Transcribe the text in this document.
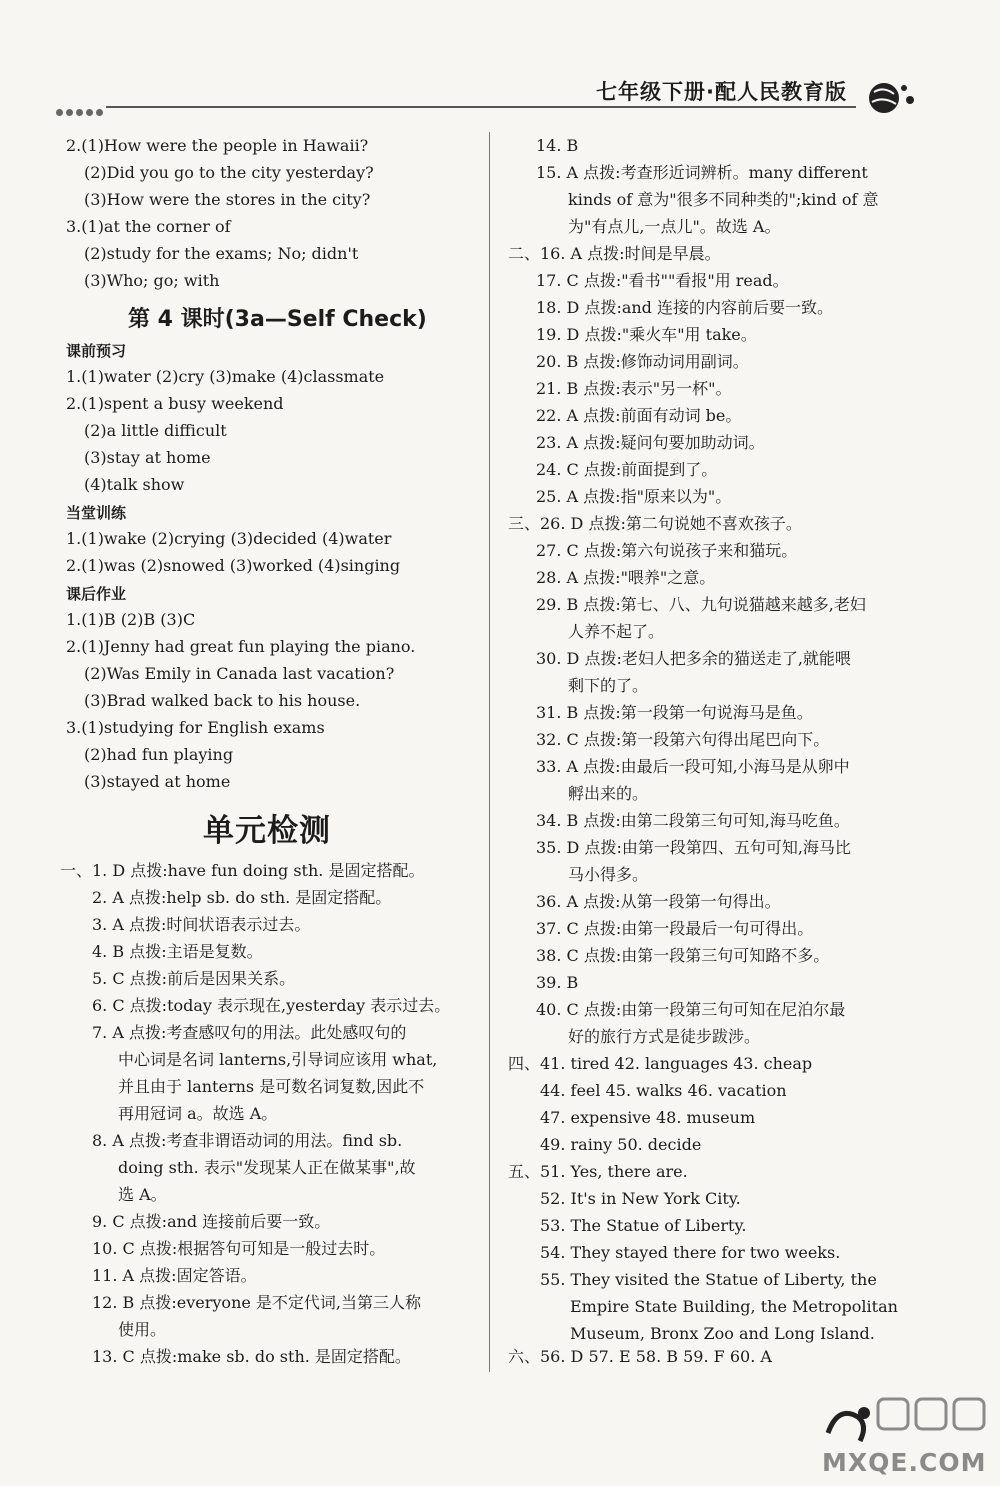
七年级下册·配人民教育版
2.(1)How were the people in Hawaii?
(2)Did you go to the city yesterday?
(3)How were the stores in the city?
3.(1)at the corner of
(2)study for the exams; No; didn't
(3)Who; go; with
第 4 课时(3a—Self Check)
课前预习
1.(1)water (2)cry (3)make (4)classmate
2.(1)spent a busy weekend
(2)a little difficult
(3)stay at home
(4)talk show
当堂训练
1.(1)wake (2)crying (3)decided (4)water
2.(1)was (2)snowed (3)worked (4)singing
课后作业
1.(1)B (2)B (3)C
2.(1)Jenny had great fun playing the piano.
(2)Was Emily in Canada last vacation?
(3)Brad walked back to his house.
3.(1)studying for English exams
(2)had fun playing
(3)stayed at home
单元检测
一、1. D 点拨:have fun doing sth. 是固定搭配。
2. A 点拨:help sb. do sth. 是固定搭配。
3. A 点拨:时间状语表示过去。
4. B 点拨:主语是复数。
5. C 点拨:前后是因果关系。
6. C 点拨:today 表示现在,yesterday 表示过去。
7. A 点拨:考查感叹句的用法。此处感叹句的
中心词是名词 lanterns,引导词应该用 what,
并且由于 lanterns 是可数名词复数,因此不
再用冠词 a。故选 A。
8. A 点拨:考查非谓语动词的用法。find sb.
doing sth. 表示"发现某人正在做某事",故
选 A。
9. C 点拨:and 连接前后要一致。
10. C 点拨:根据答句可知是一般过去时。
11. A 点拨:固定答语。
12. B 点拨:everyone 是不定代词,当第三人称
使用。
13. C 点拨:make sb. do sth. 是固定搭配。
14. B
15. A 点拨:考查形近词辨析。many different
kinds of 意为"很多不同种类的";kind of 意
为"有点儿,一点儿"。故选 A。
二、16. A 点拨:时间是早晨。
17. C 点拨:"看书""看报"用 read。
18. D 点拨:and 连接的内容前后要一致。
19. D 点拨:"乘火车"用 take。
20. B 点拨:修饰动词用副词。
21. B 点拨:表示"另一杯"。
22. A 点拨:前面有动词 be。
23. A 点拨:疑问句要加助动词。
24. C 点拨:前面提到了。
25. A 点拨:指"原来以为"。
三、26. D 点拨:第二句说她不喜欢孩子。
27. C 点拨:第六句说孩子来和猫玩。
28. A 点拨:"喂养"之意。
29. B 点拨:第七、八、九句说猫越来越多,老妇
人养不起了。
30. D 点拨:老妇人把多余的猫送走了,就能喂
剩下的了。
31. B 点拨:第一段第一句说海马是鱼。
32. C 点拨:第一段第六句得出尾巴向下。
33. A 点拨:由最后一段可知,小海马是从卵中
孵出来的。
34. B 点拨:由第二段第三句可知,海马吃鱼。
35. D 点拨:由第一段第四、五句可知,海马比
马小得多。
36. A 点拨:从第一段第一句得出。
37. C 点拨:由第一段最后一句可得出。
38. C 点拨:由第一段第三句可知路不多。
39. B
40. C 点拨:由第一段第三句可知在尼泊尔最
好的旅行方式是徒步跋涉。
四、41. tired 42. languages 43. cheap
44. feel 45. walks 46. vacation
47. expensive 48. museum
49. rainy 50. decide
五、51. Yes, there are.
52. It's in New York City.
53. The Statue of Liberty.
54. They stayed there for two weeks.
55. They visited the Statue of Liberty, the
Empire State Building, the Metropolitan
Museum, Bronx Zoo and Long Island.
六、56. D 57. E 58. B 59. F 60. A
MXQE.COM
